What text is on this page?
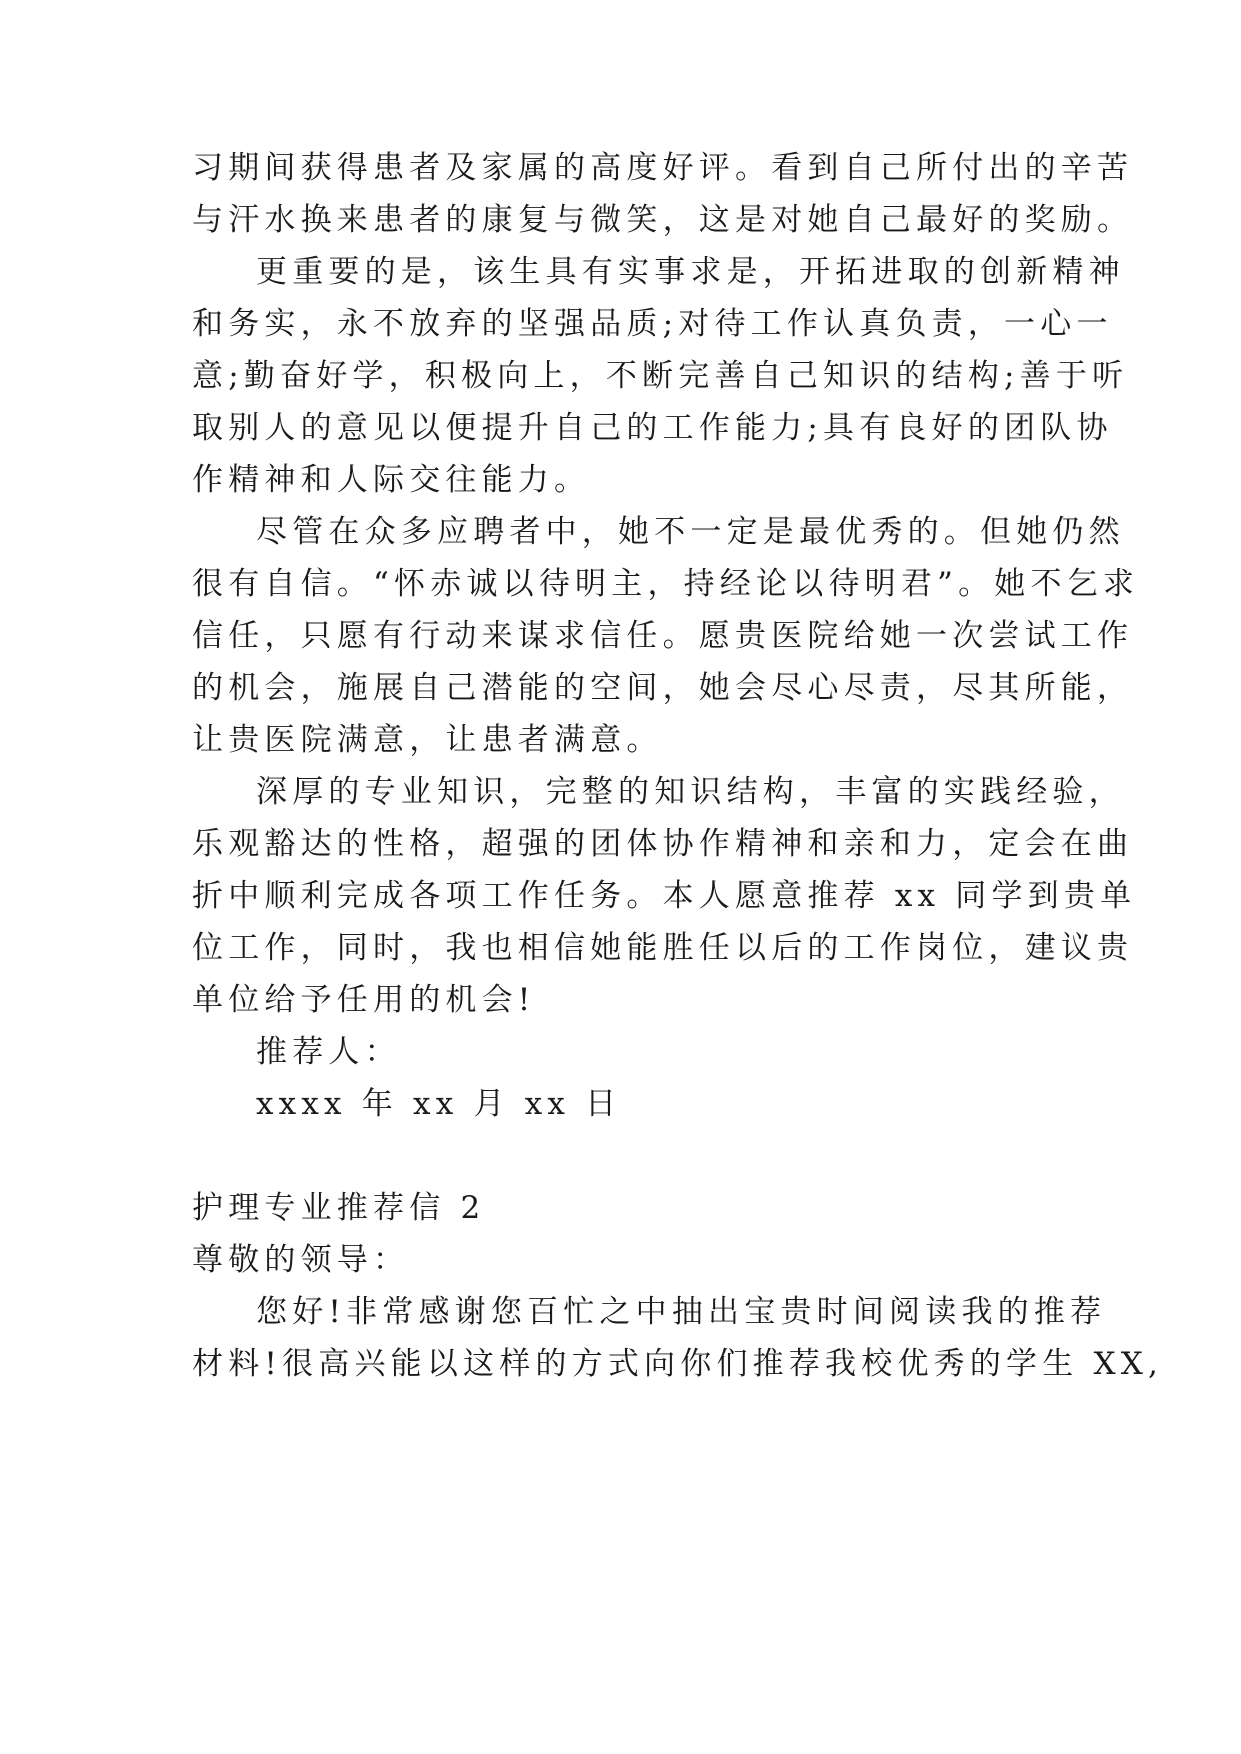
习期间获得患者及家属的高度好评。看到自己所付出的辛苦
与汗水换来患者的康复与微笑，这是对她自己最好的奖励。
更重要的是，该生具有实事求是，开拓进取的创新精神
和务实，永不放弃的坚强品质;对待工作认真负责，一心一
意;勤奋好学，积极向上，不断完善自己知识的结构;善于听
取别人的意见以便提升自己的工作能力;具有良好的团队协
作精神和人际交往能力。
尽管在众多应聘者中，她不一定是最优秀的。但她仍然
很有自信。“怀赤诚以待明主，持经论以待明君”。她不乞求
信任，只愿有行动来谋求信任。愿贵医院给她一次尝试工作
的机会，施展自己潜能的空间，她会尽心尽责，尽其所能，
让贵医院满意，让患者满意。
深厚的专业知识，完整的知识结构，丰富的实践经验，
乐观豁达的性格，超强的团体协作精神和亲和力，定会在曲
折中顺利完成各项工作任务。本人愿意推荐 xx 同学到贵单
位工作，同时，我也相信她能胜任以后的工作岗位，建议贵
单位给予任用的机会!
推荐人：
xxxx 年 xx 月 xx 日
护理专业推荐信 2
尊敬的领导：
您好!非常感谢您百忙之中抽出宝贵时间阅读我的推荐
材料!很高兴能以这样的方式向你们推荐我校优秀的学生 XX,
